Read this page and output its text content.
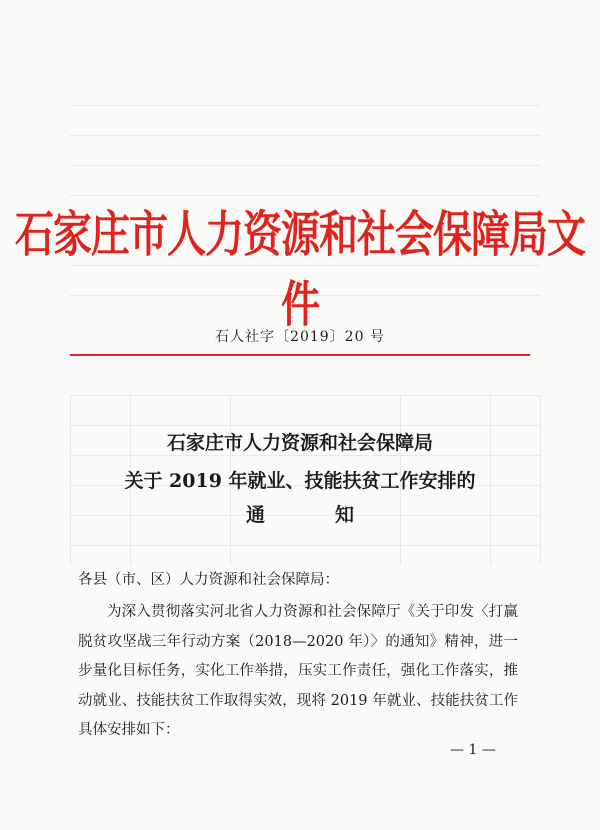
石家庄市人力资源和社会保障局文件
石人社字〔2019〕20 号
石家庄市人力资源和社会保障局
关于 2019 年就业、技能扶贫工作安排的
通知
各县（市、区）人力资源和社会保障局：
为深入贯彻落实河北省人力资源和社会保障厅《关于印发〈打赢脱贫攻坚战三年行动方案（2018—2020 年）〉的通知》精神，进一步量化目标任务，实化工作举措，压实工作责任，强化工作落实，推动就业、技能扶贫工作取得实效，现将 2019 年就业、技能扶贫工作具体安排如下：
— 1 —
